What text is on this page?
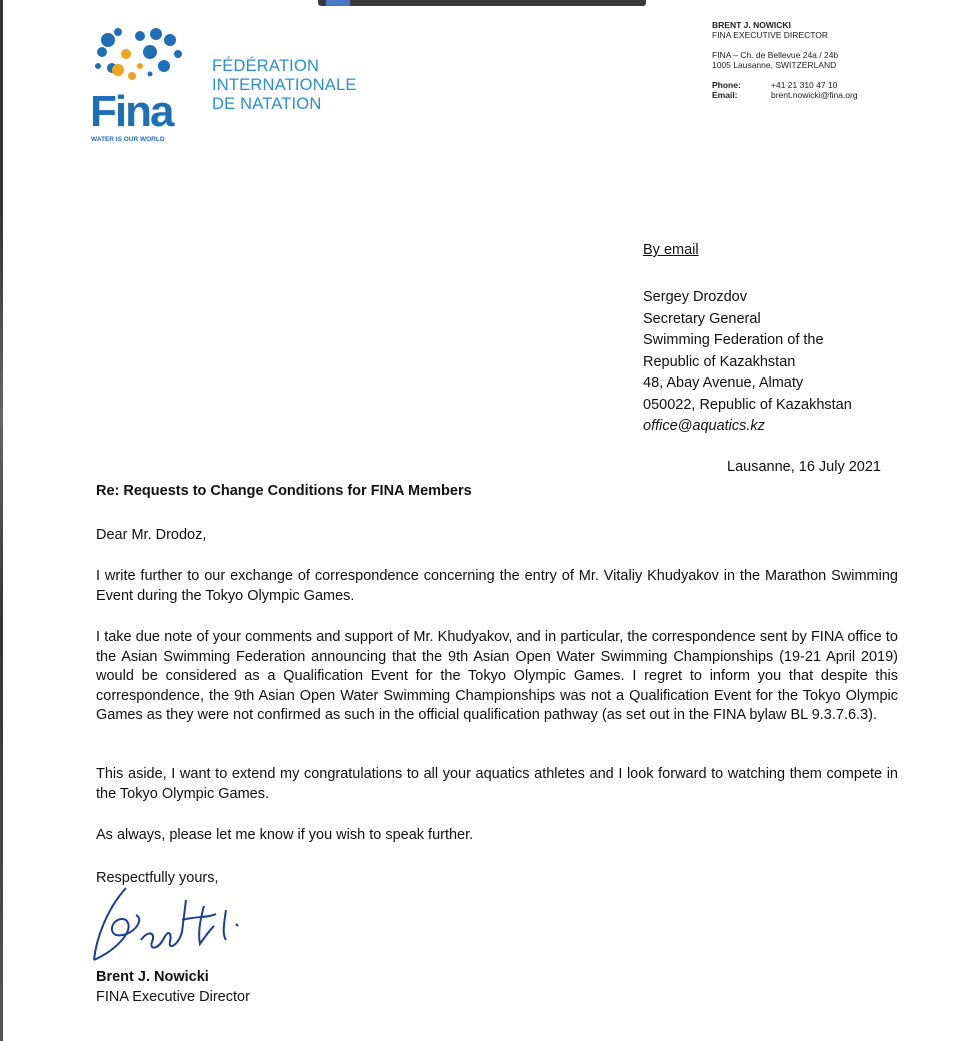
Fina
WATER IS OUR WORLD
FÉDÉRATION
INTERNATIONALE
DE NATATION
BRENT J. NOWICKI
FINA EXECUTIVE DIRECTOR
FINA – Ch. de Bellevue 24a / 24b
1005 Lausanne, SWITZERLAND
Phone:	+41 21 310 47 10
Email:	brent.nowicki@fina.org
By email
Sergey Drozdov
Secretary General
Swimming Federation of the
Republic of Kazakhstan
48, Abay Avenue, Almaty
050022, Republic of Kazakhstan
office@aquatics.kz
Lausanne, 16 July 2021
Re: Requests to Change Conditions for FINA Members
Dear Mr. Drodoz,
I write further to our exchange of correspondence concerning the entry of Mr. Vitaliy Khudyakov in the Marathon Swimming Event during the Tokyo Olympic Games.
I take due note of your comments and support of Mr. Khudyakov, and in particular, the correspondence sent by FINA office to the Asian Swimming Federation announcing that the 9th Asian Open Water Swimming Championships (19-21 April 2019) would be considered as a Qualification Event for the Tokyo Olympic Games. I regret to inform you that despite this correspondence, the 9th Asian Open Water Swimming Championships was not a Qualification Event for the Tokyo Olympic Games as they were not confirmed as such in the official qualification pathway (as set out in the FINA bylaw BL 9.3.7.6.3).
This aside, I want to extend my congratulations to all your aquatics athletes and I look forward to watching them compete in the Tokyo Olympic Games.
As always, please let me know if you wish to speak further.
Respectfully yours,
Brent J. Nowicki
FINA Executive Director
